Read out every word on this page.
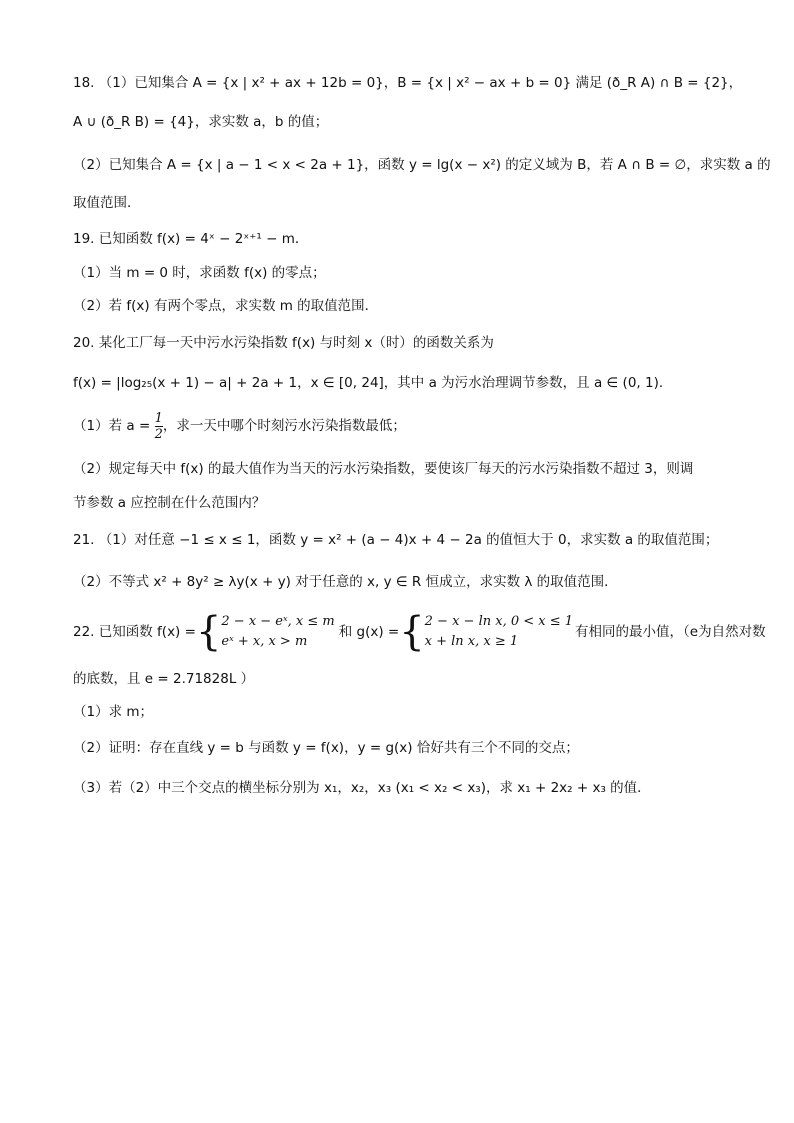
18. （1）已知集合 A = {x | x² + ax + 12b = 0}，B = {x | x² − ax + b = 0} 满足 (ð_R A) ∩ B = {2}，
A ∪ (ð_R B) = {4}，求实数 a，b 的值；
（2）已知集合 A = {x | a − 1 < x < 2a + 1}，函数 y = lg(x − x²) 的定义域为 B，若 A ∩ B = ∅，求实数 a 的
取值范围．
19. 已知函数 f(x) = 4ˣ − 2ˣ⁺¹ − m．
（1）当 m = 0 时，求函数 f(x) 的零点；
（2）若 f(x) 有两个零点，求实数 m 的取值范围．
20. 某化工厂每一天中污水污染指数 f(x) 与时刻 x（时）的函数关系为
f(x) = |log₂₅(x + 1) − a| + 2a + 1，x ∈ [0, 24]，其中 a 为污水治理调节参数，且 a ∈ (0, 1)．
（1）若 $a = \frac{1}{2}$ ，求一天中哪个时刻污水污染指数最低；
（2）规定每天中 f(x) 的最大值作为当天的污水污染指数，要使该厂每天的污水污染指数不超过 3，则调
节参数 a 应控制在什么范围内？
21. （1）对任意 −1 ≤ x ≤ 1，函数 y = x² + (a − 4)x + 4 − 2a 的值恒大于 0，求实数 a 的取值范围；
（2）不等式 x² + 8y² ≥ λy(x + y) 对于任意的 x, y ∈ R 恒成立，求实数 λ 的取值范围．
22. 已知函数 f(x) = { 2 − x − eˣ, x ≤ m
eˣ + x, x > m
和 g(x) = { 2 − x − ln x, 0 < x ≤ 1
x + ln x, x ≥ 1
有相同的最小值，（e为自然对数
的底数，且 e = 2.71828L ）
（1）求 m；
（2）证明：存在直线 y = b 与函数 y = f(x)，y = g(x) 恰好共有三个不同的交点；
（3）若（2）中三个交点的横坐标分别为 x₁，x₂，x₃ (x₁ < x₂ < x₃)，求 x₁ + 2x₂ + x₃ 的值．
